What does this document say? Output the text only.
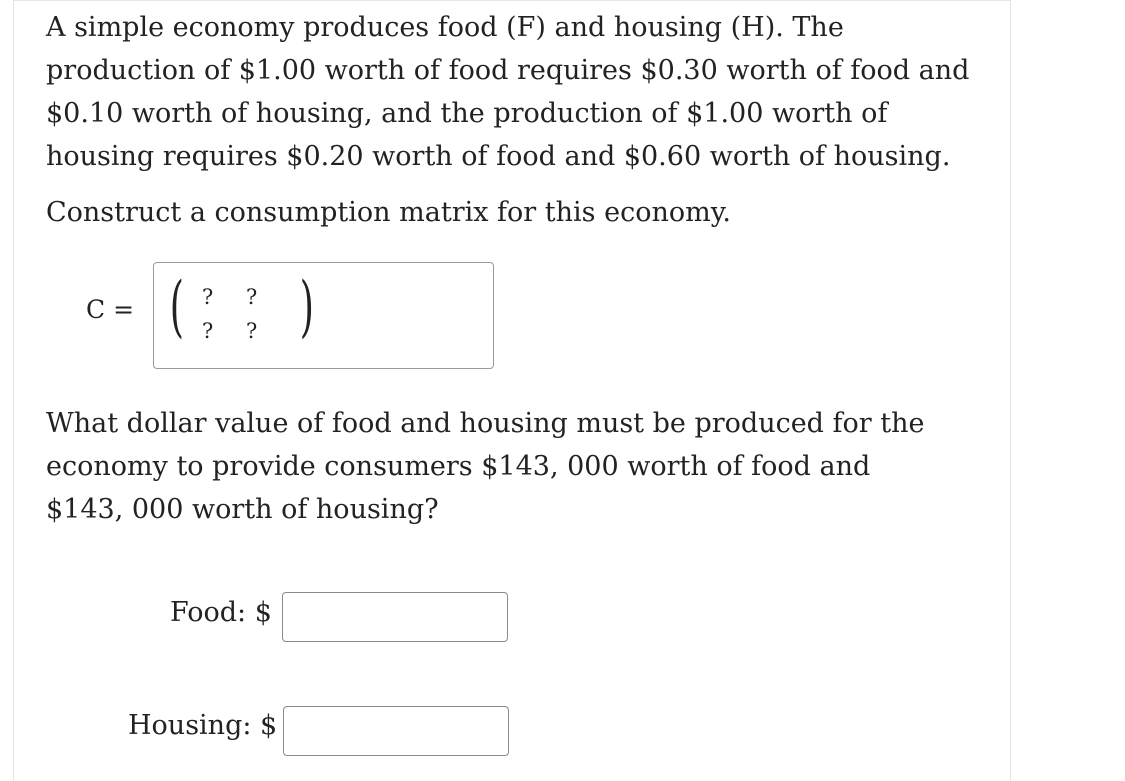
A simple economy produces food (F) and housing (H). The
production of $1.00 worth of food requires $0.30 worth of food and
$0.10 worth of housing, and the production of $1.00 worth of
housing requires $0.20 worth of food and $0.60 worth of housing.
Construct a consumption matrix for this economy.
C = ( ? ?
? ? )
What dollar value of food and housing must be produced for the
economy to provide consumers $143, 000 worth of food and
$143, 000 worth of housing?
Food: $
Housing: $
